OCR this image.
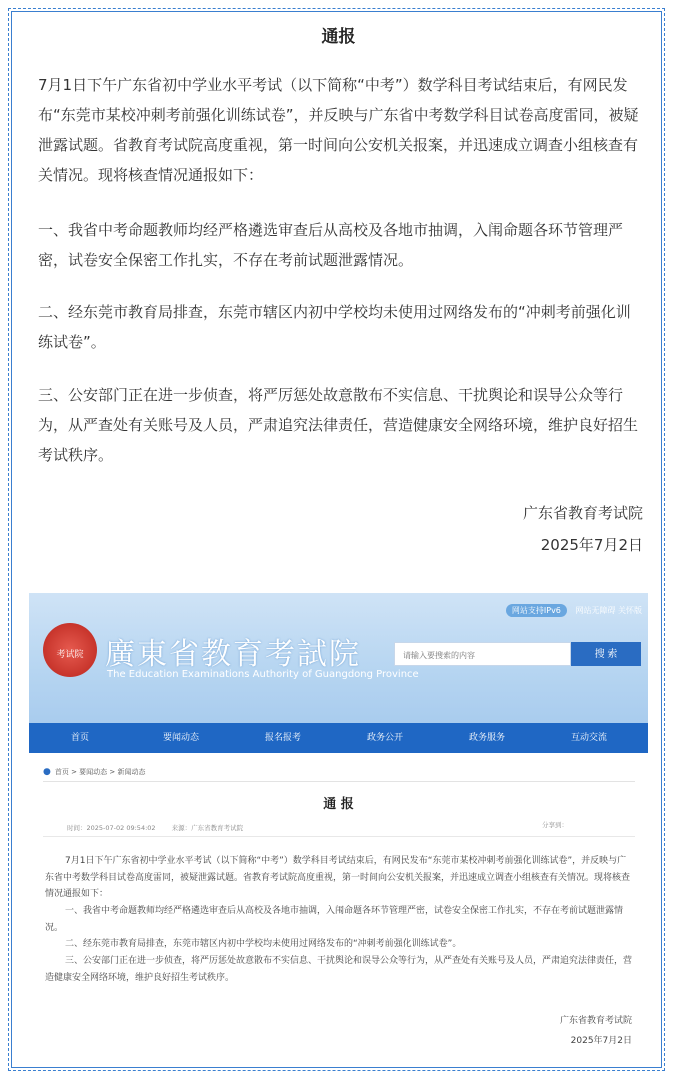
通报
7月1日下午广东省初中学业水平考试（以下简称“中考”）数学科目考试结束后，有网民发布“东莞市某校冲刺考前强化训练试卷”，并反映与广东省中考数学科目试卷高度雷同，被疑泄露试题。省教育考试院高度重视，第一时间向公安机关报案，并迅速成立调查小组核查有关情况。现将核查情况通报如下：
一、我省中考命题教师均经严格遴选审查后从高校及各地市抽调，入闱命题各环节管理严密，试卷安全保密工作扎实，不存在考前试题泄露情况。
二、经东莞市教育局排查，东莞市辖区内初中学校均未使用过网络发布的“冲刺考前强化训练试卷”。
三、公安部门正在进一步侦查，将严厉惩处故意散布不实信息、干扰舆论和误导公众等行为，从严查处有关账号及人员，严肃追究法律责任，营造健康安全网络环境，维护良好招生考试秩序。
广东省教育考试院
2025年7月2日
网站支持IPv6 网站无障碍 关怀版
考试院 廣東省教育考試院
The Education Examinations Authority of Guangdong Province
请输入要搜索的内容
搜 索
首页	要闻动态	报名报考	政务公开	政务服务	互动交流
● 首页 > 要闻动态 > 新闻动态
通 报
时间：2025-07-02 09:54:02 来源：广东省教育考试院	分享到：
7月1日下午广东省初中学业水平考试（以下简称“中考”）数学科目考试结束后，有网民发布“东莞市某校冲刺考前强化训练试卷”，并反映与广东省中考数学科目试卷高度雷同，被疑泄露试题。省教育考试院高度重视，第一时间向公安机关报案，并迅速成立调查小组核查有关情况。现将核查情况通报如下：
一、我省中考命题教师均经严格遴选审查后从高校及各地市抽调，入闱命题各环节管理严密，试卷安全保密工作扎实，不存在考前试题泄露情况。
二、经东莞市教育局排查，东莞市辖区内初中学校均未使用过网络发布的“冲刺考前强化训练试卷”。
三、公安部门正在进一步侦查，将严厉惩处故意散布不实信息、干扰舆论和误导公众等行为，从严查处有关账号及人员，严肃追究法律责任，营造健康安全网络环境，维护良好招生考试秩序。
广东省教育考试院
2025年7月2日
